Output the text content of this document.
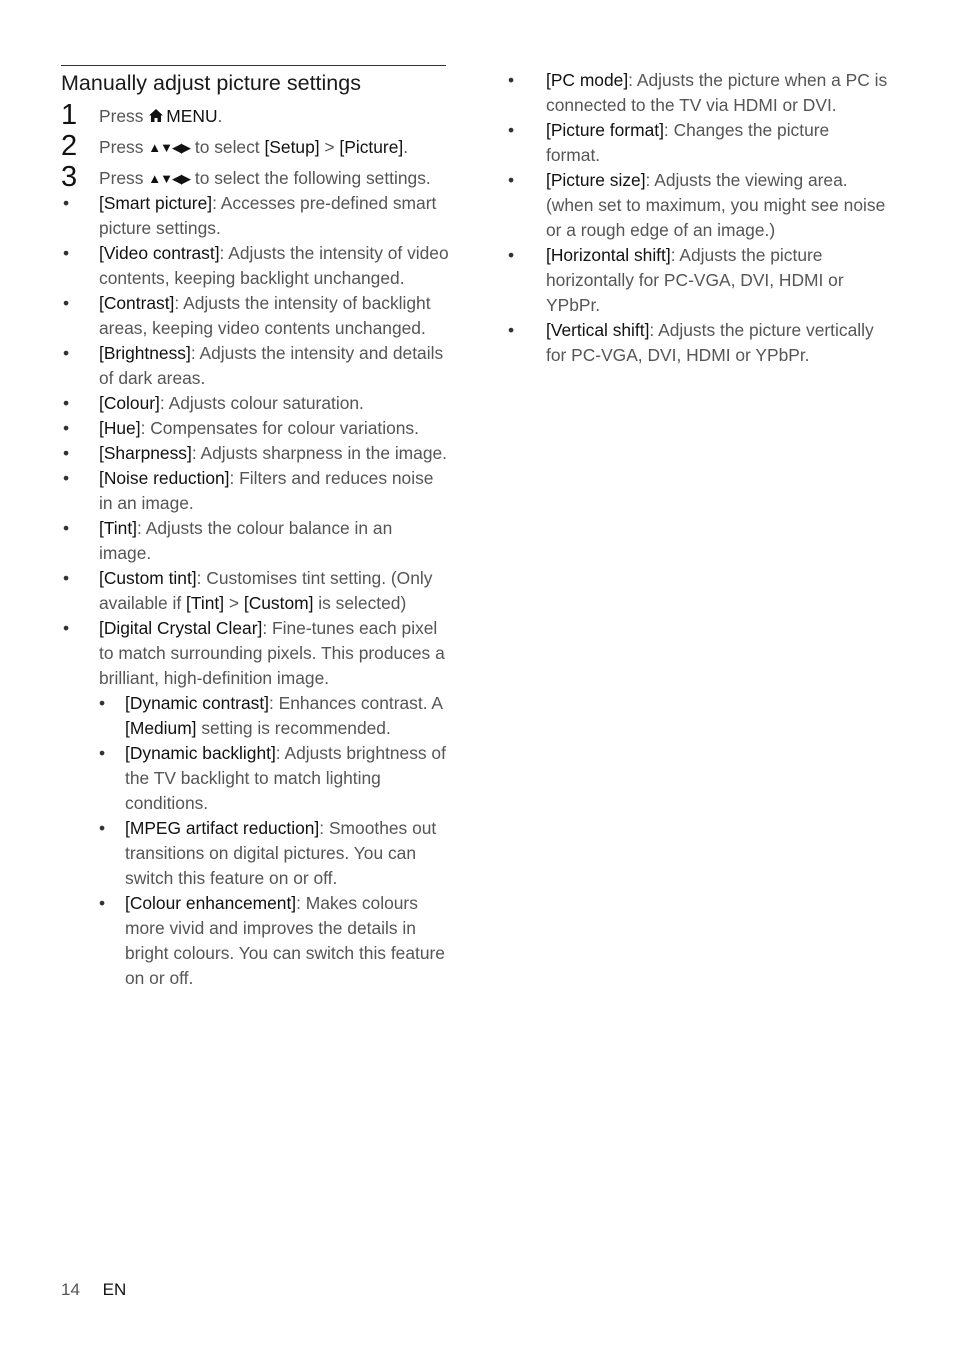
Manually adjust picture settings
1 Press MENU.
2 Press ▲▼◀▶ to select [Setup] > [Picture].
3 Press ▲▼◀▶ to select the following settings.
• [Smart picture]: Accesses pre-defined smart picture settings.
• [Video contrast]: Adjusts the intensity of video contents, keeping backlight unchanged.
• [Contrast]: Adjusts the intensity of backlight areas, keeping video contents unchanged.
• [Brightness]: Adjusts the intensity and details of dark areas.
• [Colour]: Adjusts colour saturation.
• [Hue]: Compensates for colour variations.
• [Sharpness]: Adjusts sharpness in the image.
• [Noise reduction]: Filters and reduces noise in an image.
• [Tint]: Adjusts the colour balance in an image.
• [Custom tint]: Customises tint setting. (Only available if [Tint] > [Custom] is selected)
• [Digital Crystal Clear]: Fine-tunes each pixel to match surrounding pixels. This produces a brilliant, high-definition image.
• [Dynamic contrast]: Enhances contrast. A [Medium] setting is recommended.
• [Dynamic backlight]: Adjusts brightness of the TV backlight to match lighting conditions.
• [MPEG artifact reduction]: Smoothes out transitions on digital pictures. You can switch this feature on or off.
• [Colour enhancement]: Makes colours more vivid and improves the details in bright colours. You can switch this feature on or off.
• [PC mode]: Adjusts the picture when a PC is connected to the TV via HDMI or DVI.
• [Picture format]: Changes the picture format.
• [Picture size]: Adjusts the viewing area. (when set to maximum, you might see noise or a rough edge of an image.)
• [Horizontal shift]: Adjusts the picture horizontally for PC-VGA, DVI, HDMI or YPbPr.
• [Vertical shift]: Adjusts the picture vertically for PC-VGA, DVI, HDMI or YPbPr.
14 EN
